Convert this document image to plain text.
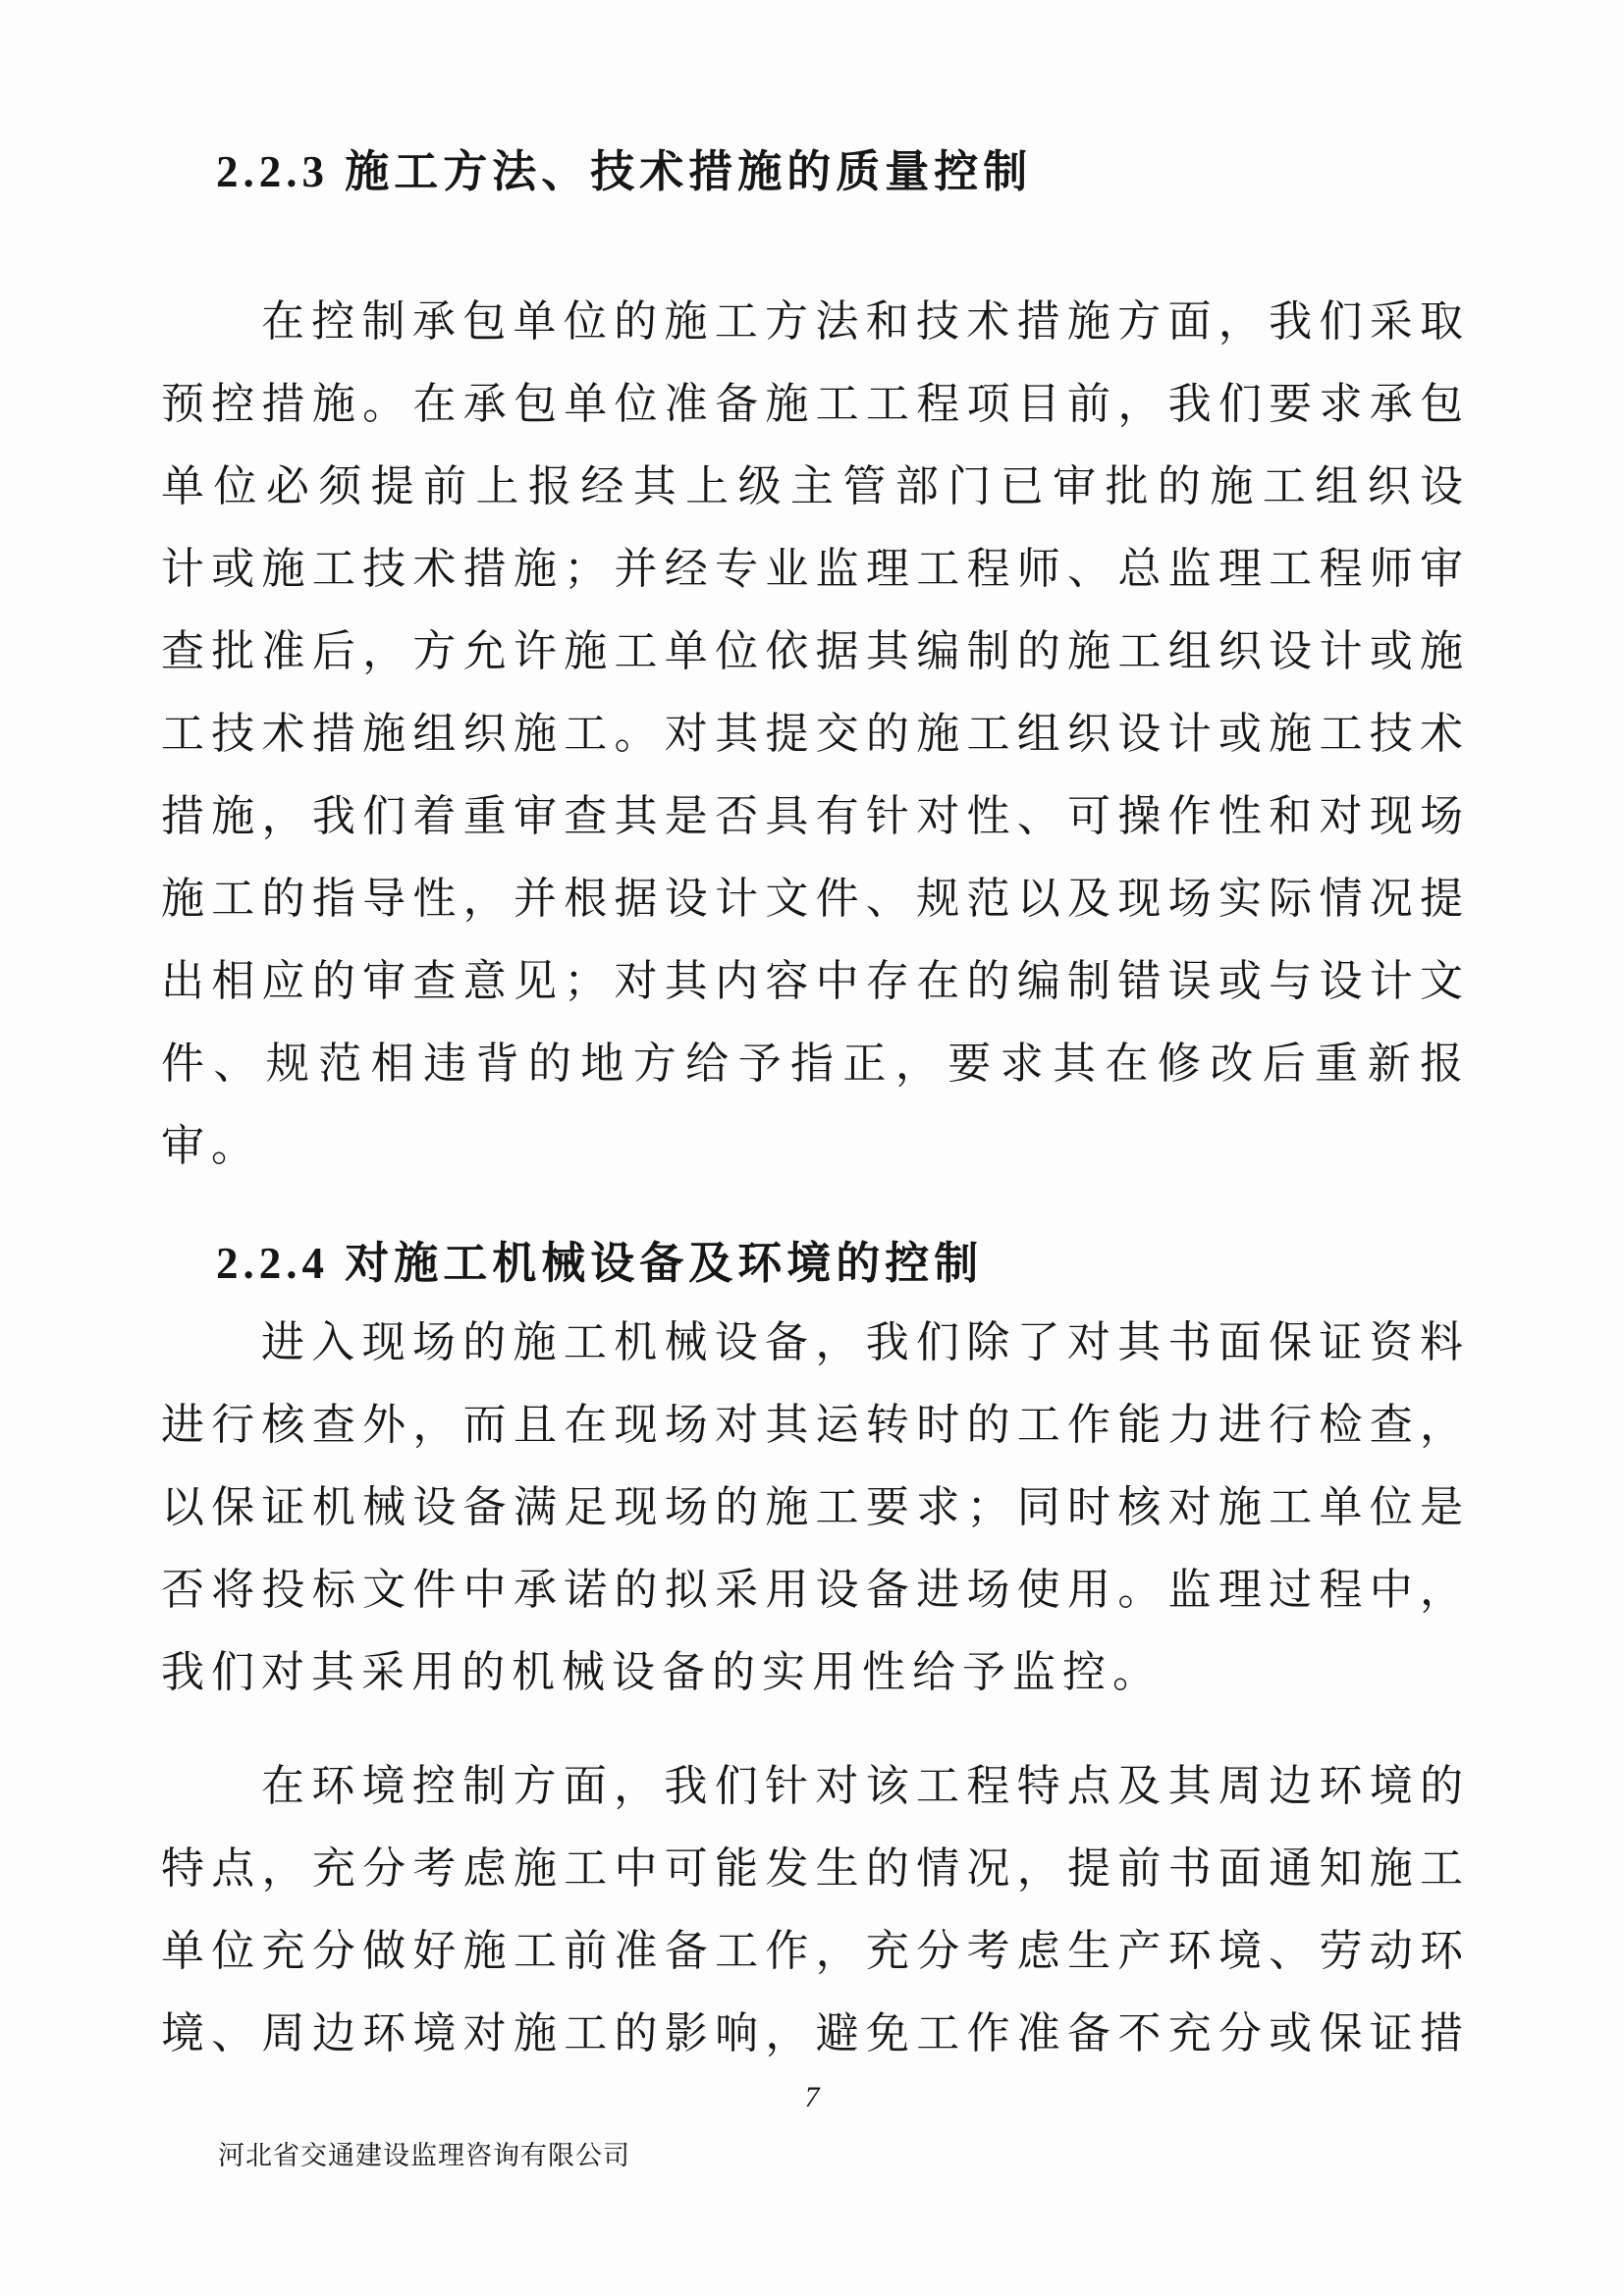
2.2.3 施工方法、技术措施的质量控制
在控制承包单位的施工方法和技术措施方面，我们采取
预控措施。在承包单位准备施工工程项目前，我们要求承包
单位必须提前上报经其上级主管部门已审批的施工组织设
计或施工技术措施；并经专业监理工程师、总监理工程师审
查批准后，方允许施工单位依据其编制的施工组织设计或施
工技术措施组织施工。对其提交的施工组织设计或施工技术
措施，我们着重审查其是否具有针对性、可操作性和对现场
施工的指导性，并根据设计文件、规范以及现场实际情况提
出相应的审查意见；对其内容中存在的编制错误或与设计文
件、规范相违背的地方给予指正，要求其在修改后重新报
审。
2.2.4 对施工机械设备及环境的控制
进入现场的施工机械设备，我们除了对其书面保证资料
进行核查外，而且在现场对其运转时的工作能力进行检查，
以保证机械设备满足现场的施工要求；同时核对施工单位是
否将投标文件中承诺的拟采用设备进场使用。监理过程中，
我们对其采用的机械设备的实用性给予监控。
在环境控制方面，我们针对该工程特点及其周边环境的
特点，充分考虑施工中可能发生的情况，提前书面通知施工
单位充分做好施工前准备工作，充分考虑生产环境、劳动环
境、周边环境对施工的影响，避免工作准备不充分或保证措
7
河北省交通建设监理咨询有限公司
